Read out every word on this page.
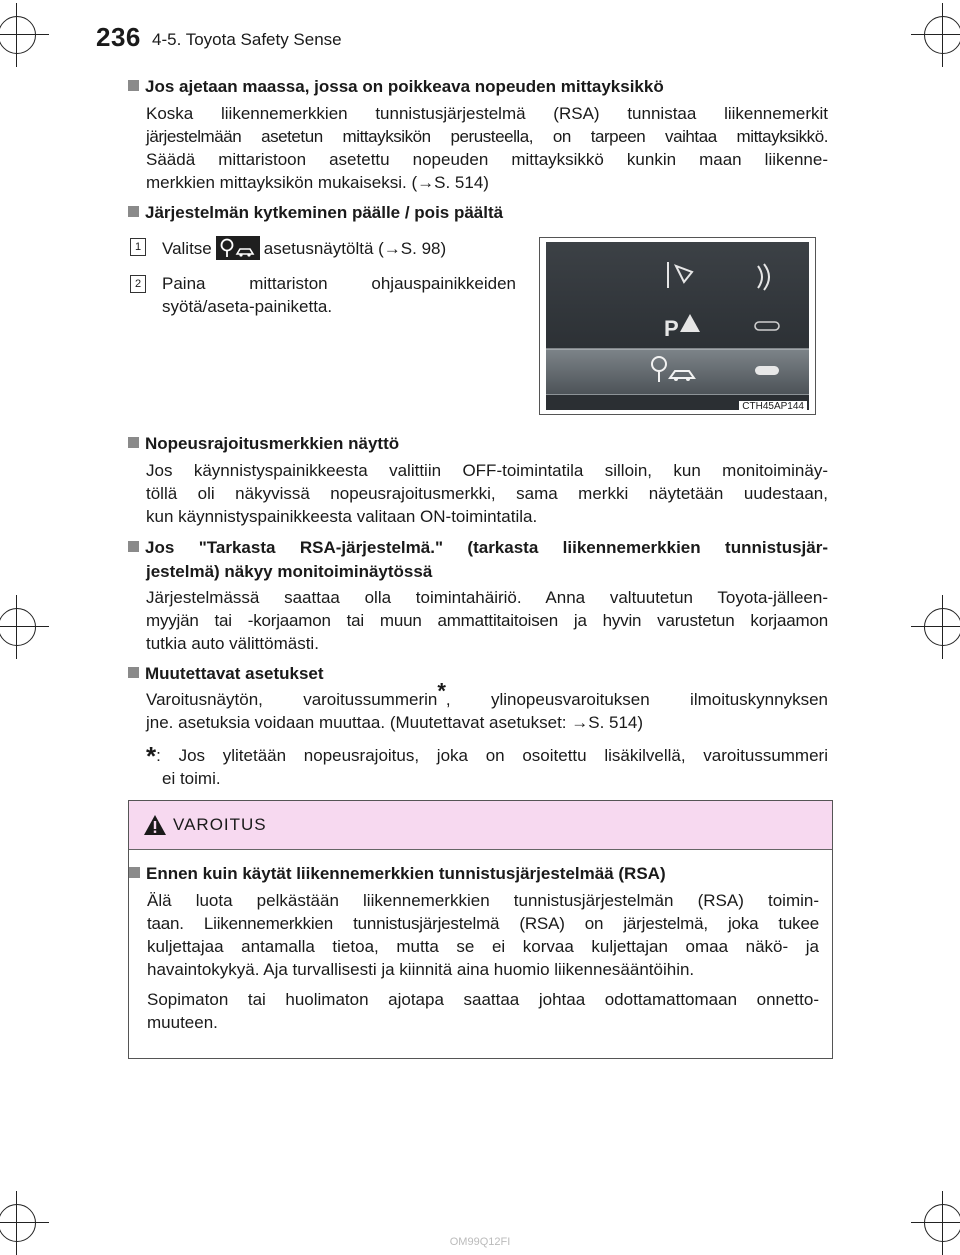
236 4-5. Toyota Safety Sense
Jos ajetaan maassa, jossa on poikkeava nopeuden mittayksikkö
Koska liikennemerkkien tunnistusjärjestelmä (RSA) tunnistaa liikennemerkit
järjestelmään asetetun mittayksikön perusteella, on tarpeen vaihtaa mittayksikkö.
Säädä mittaristoon asetettu nopeuden mittayksikkö kunkin maan liikenne-
merkkien mittayksikön mukaiseksi. (→S. 514)
Järjestelmän kytkeminen päälle / pois päältä
1 Valitse	asetusnäytöltä (→S. 98)
2 Paina mittariston ohjauspainikkeiden
syötä/aseta-painiketta.
P
CTH45AP144
Nopeusrajoitusmerkkien näyttö
Jos käynnistyspainikkeesta valittiin OFF-toimintatila silloin, kun monitoiminäy-
töllä oli näkyvissä nopeusrajoitusmerkki, sama merkki näytetään uudestaan,
kun käynnistyspainikkeesta valitaan ON-toimintatila.
Jos "Tarkasta RSA-järjestelmä." (tarkasta liikennemerkkien tunnistusjär-
jestelmä) näkyy monitoiminäytössä
Järjestelmässä saattaa olla toimintahäiriö. Anna valtuutetun Toyota-jälleen-
myyjän tai -korjaamon tai muun ammattitaitoisen ja hyvin varustetun korjaamon
tutkia auto välittömästi.
Muutettavat asetukset
Varoitusnäytön, varoitussummerin*, ylinopeusvaroituksen ilmoituskynnyksen
jne. asetuksia voidaan muuttaa. (Muutettavat asetukset: →S. 514)
*: Jos ylitetään nopeusrajoitus, joka on osoitettu lisäkilvellä, varoitussummeri
ei toimi.
VAROITUS
Ennen kuin käytät liikennemerkkien tunnistusjärjestelmää (RSA)
Älä luota pelkästään liikennemerkkien tunnistusjärjestelmän (RSA) toimin-
taan. Liikennemerkkien tunnistusjärjestelmä (RSA) on järjestelmä, joka tukee
kuljettajaa antamalla tietoa, mutta se ei korvaa kuljettajan omaa näkö- ja
havaintokykyä. Aja turvallisesti ja kiinnitä aina huomio liikennesääntöihin.
Sopimaton tai huolimaton ajotapa saattaa johtaa odottamattomaan onnetto-
muuteen.
OM99Q12FI
